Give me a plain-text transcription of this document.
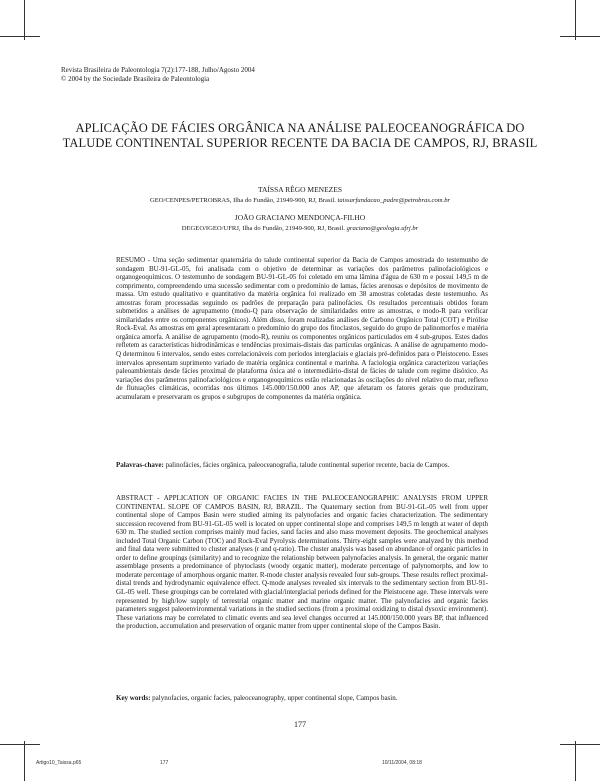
Revista Brasileira de Paleontologia 7(2):177-188, Julho/Agosto 2004
© 2004 by the Sociedade Brasileira de Paleontologia
APLICAÇÃO DE FÁCIES ORGÂNICA NA ANÁLISE PALEOCEANOGRÁFICA DO TALUDE CONTINENTAL SUPERIOR RECENTE DA BACIA DE CAMPOS, RJ, BRASIL
TAÍSSA RÊGO MENEZES
GEO/CENPES/PETROBRAS, Ilha do Fundão, 21949-900, RJ, Brasil. taissarfundacao_padre@petrobras.com.br
JOÃO GRACIANO MENDONÇA-FILHO
DEGEO/IGEO/UFRJ, Ilha do Fundão, 21949-900, RJ, Brasil. graciano@geologia.ufrj.br
RESUMO - Uma seção sedimentar quaternária do talude continental superior da Bacia de Campos amostrada do testemunho de sondagem BU-91-GL-05, foi analisada com o objetivo de determinar as variações dos parâmetros palinofaciológicos e organogeoquímicos. O testemunho de sondagem BU-91-GL-05 foi coletado em uma lâmina d'água de 630 m e possui 149,5 m de comprimento, compreendendo uma sucessão sedimentar com o predomínio de lamas, fácies arenosas e depósitos de movimento de massa. Um estudo qualitativo e quantitativo da matéria orgânica foi realizado em 38 amostras coletadas deste testemunho. As amostras foram processadas seguindo os padrões de preparação para palinofácies. Os resultados percentuais obtidos foram submetidos a análises de agrupamento (modo-Q para observação de similaridades entre as amostras, e modo-R para verificar similaridades entre os componentes orgânicos). Além disso, foram realizadas análises de Carbono Orgânico Total (COT) e Pirólise Rock-Eval. As amostras em geral apresentaram o predomínio do grupo dos fitoclastos, seguido do grupo de palinomorfos e matéria orgânica amorfa. A análise de agrupamento (modo-R), reuniu os componentes orgânicos particulados em 4 sub-grupos. Estes dados refletem as características hidrodinâmicas e tendências proximais-distais das partículas orgânicas. A análise de agrupamento modo-Q determinou 6 intervalos, sendo estes correlacionáveis com períodos interglaciais e glaciais pré-definidos para o Pleistoceno. Esses intervalos apresentam suprimento variado de matéria orgânica continental e marinha. A faciologia orgânica caracterizou variações paleoambientais desde fácies proximal de plataforma óxica até o intermediário-distal de fácies de talude com regime disóxico. As variações dos parâmetros palinofaciológicos e organogeoquímicos estão relacionadas às oscilações do nível relativo do mar, reflexo de flutuações climáticas, ocorridas nos últimos 145.000/150.000 anos AP, que afetaram os fatores gerais que produziram, acumularam e preservaram os grupos e subgrupos de componentes da matéria orgânica.
Palavras-chave: palinofácies, fácies orgânica, paleoceanografia, talude continental superior recente, bacia de Campos.
ABSTRACT - APPLICATION OF ORGANIC FACIES IN THE PALEOCEANOGRAPHIC ANALYSIS FROM UPPER CONTINENTAL SLOPE OF CAMPOS BASIN, RJ, BRAZIL. The Quaternary section from BU-91-GL-05 well from upper continental slope of Campos Basin were studied aiming its palynofacies and organic facies characterization. The sedimentary succession recovered from BU-91-GL-05 well is located on upper continental slope and comprises 149,5 m length at water of depth 630 m. The studied section comprises mainly mud facies, sand facies and also mass movement deposits. The geochemical analyses included Total Organic Carbon (TOC) and Rock-Eval Pyrolysis determinations. Thirty-eight samples were analyzed by this method and final data were submitted to cluster analyses (r and q-ratio). The cluster analysis was based on abundance of organic particles in order to define groupings (similarity) and to recognize the relationship between palynofacies analysis. In general, the organic matter assemblage presents a predominance of phytoclasts (woody organic matter), moderate percentage of palynomorphs, and low to moderate percentage of amorphous organic matter. R-mode cluster analysis revealed four sub-groups. These results reflect proximal-distal trends and hydrodynamic equivalence effect. Q-mode analyses revealed six intervals to the sedimentary section from BU-91-GL-05 well. These groupings can be correlated with glacial/interglacial periods defined for the Pleistocene age. These intervals were represented by high/low supply of terrestrial organic matter and marine organic matter. The palynofacies and organic facies parameters suggest paleoenvironmental variations in the studied sections (from a proximal oxidizing to distal dysoxic environment). These variations may be correlated to climatic events and sea level changes occurred at 145.000/150.000 years BP, that influenced the production, accumulation and preservation of organic matter from upper continental slope of the Campos Basin.
Key words: palynofacies, organic facies, paleoceanography, upper continental slope, Campos basin.
177
Artigo10_Taissa.p65	177	10/11/2004, 08:18
